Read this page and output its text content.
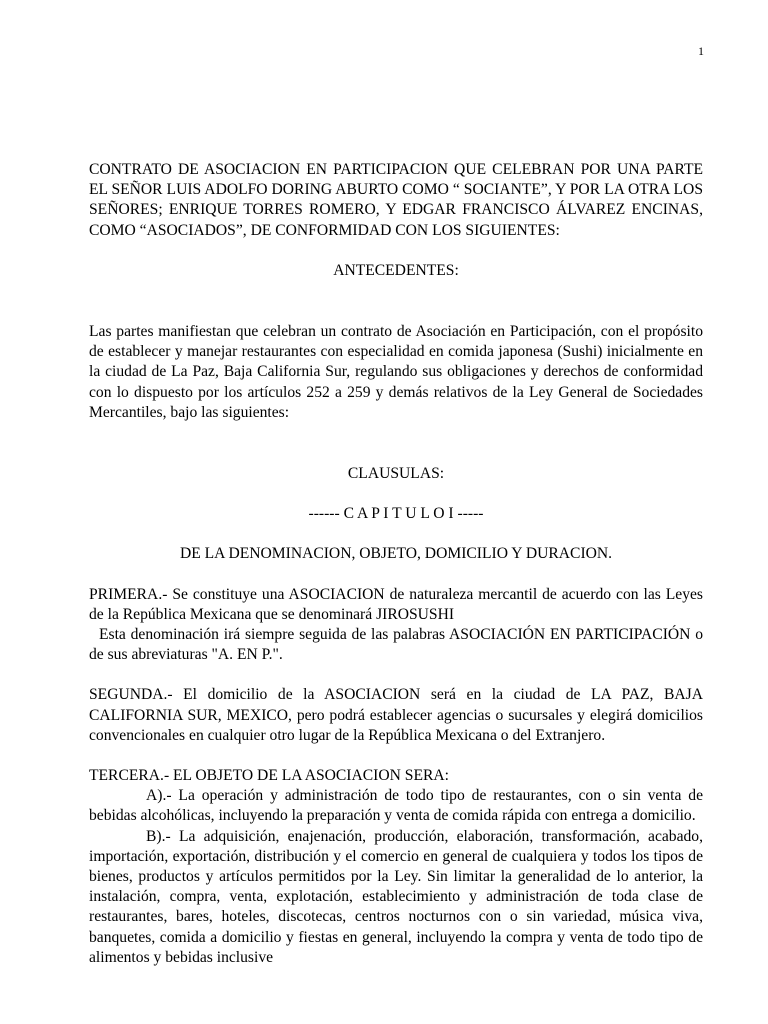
1

CONTRATO DE ASOCIACION EN PARTICIPACION QUE CELEBRAN POR UNA PARTE EL SEÑOR LUIS ADOLFO DORING ABURTO COMO “ SOCIANTE”, Y POR LA OTRA LOS SEÑORES; ENRIQUE TORRES ROMERO, Y EDGAR FRANCISCO ÁLVAREZ ENCINAS, COMO “ASOCIADOS”, DE CONFORMIDAD CON LOS SIGUIENTES:

ANTECEDENTES:

Las partes manifiestan que celebran un contrato de Asociación en Participación, con el propósito de establecer y manejar restaurantes con especialidad en comida japonesa (Sushi) inicialmente en la ciudad de La Paz, Baja California Sur, regulando sus obligaciones y derechos de conformidad con lo dispuesto por los artículos 252 a 259 y demás relativos de la Ley General de Sociedades Mercantiles, bajo las siguientes:

CLAUSULAS:

------ C A P I T U L O I -----

DE LA DENOMINACION, OBJETO, DOMICILIO Y DURACION.

PRIMERA.- Se constituye una ASOCIACION de naturaleza mercantil de acuerdo con las Leyes de la República Mexicana que se denominará JIROSUSHI

Esta denominación irá siempre seguida de las palabras ASOCIACIÓN EN PARTICIPACIÓN o de sus abreviaturas "A. EN P.".

SEGUNDA.- El domicilio de la ASOCIACION será en la ciudad de LA PAZ, BAJA CALIFORNIA SUR, MEXICO, pero podrá establecer agencias o sucursales y elegirá domicilios convencionales en cualquier otro lugar de la República Mexicana o del Extranjero.

TERCERA.- EL OBJETO DE LA ASOCIACION SERA:

A).- La operación y administración de todo tipo de restaurantes, con o sin venta de bebidas alcohólicas, incluyendo la preparación y venta de comida rápida con entrega a domicilio.

B).- La adquisición, enajenación, producción, elaboración, transformación, acabado, importación, exportación, distribución y el comercio en general de cualquiera y todos los tipos de bienes, productos y artículos permitidos por la Ley. Sin limitar la generalidad de lo anterior, la instalación, compra, venta, explotación, establecimiento y administración de toda clase de restaurantes, bares, hoteles, discotecas, centros nocturnos con o sin variedad, música viva, banquetes, comida a domicilio y fiestas en general, incluyendo la compra y venta de todo tipo de alimentos y bebidas inclusive
